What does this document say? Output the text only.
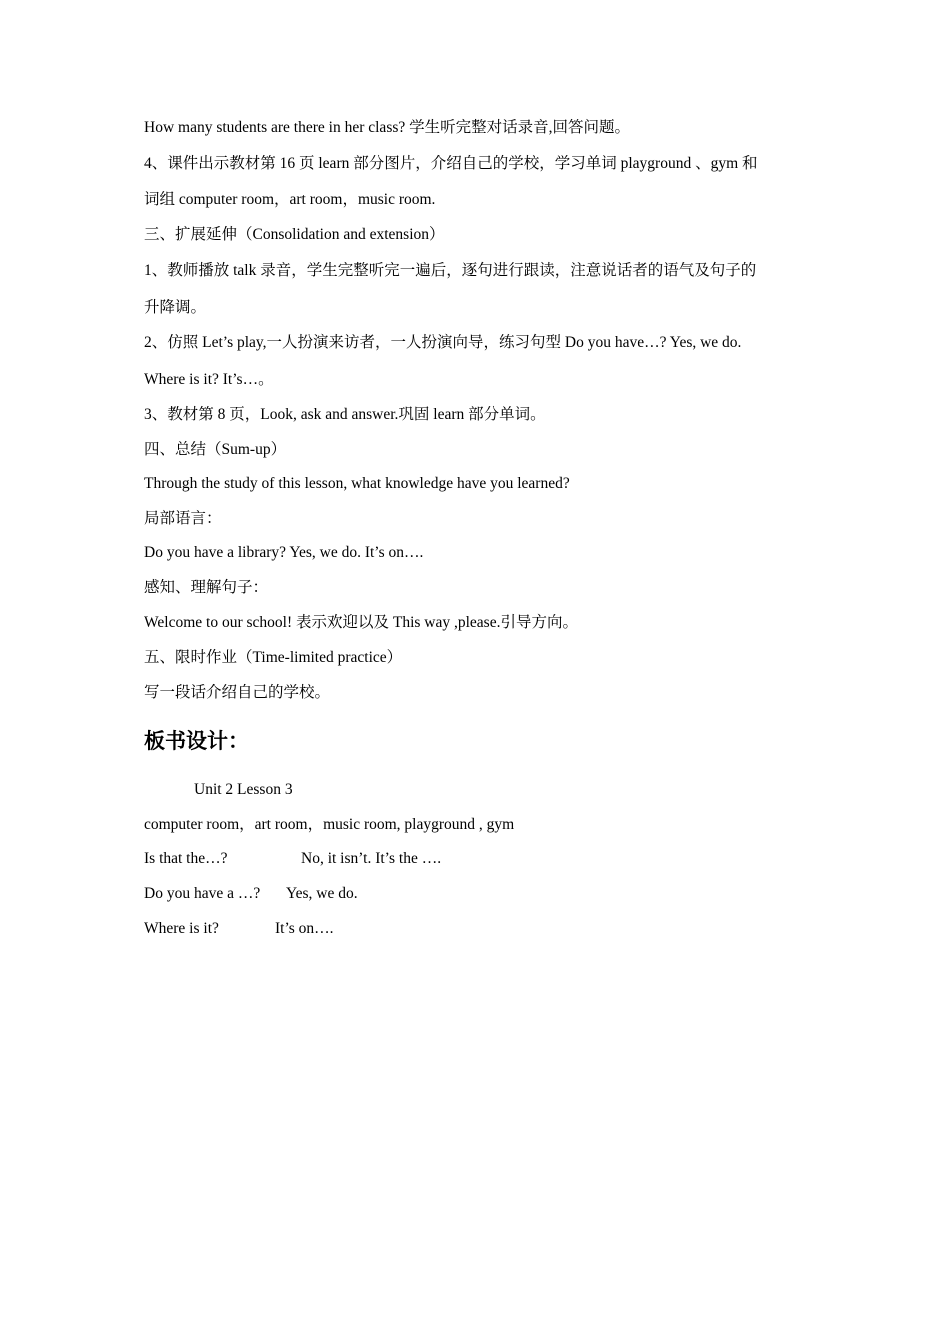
How many students are there in her class? 学生听完整对话录音,回答问题。
4、课件出示教材第 16 页 learn 部分图片，介绍自己的学校，学习单词 playground 、gym 和
词组 computer room，art room，music room.
三、扩展延伸（Consolidation and extension）
1、教师播放 talk 录音，学生完整听完一遍后，逐句进行跟读，注意说话者的语气及句子的
升降调。
2、仿照 Let’s play,一人扮演来访者，一人扮演向导，练习句型 Do you have…? Yes, we do.
Where is it? It’s…。
3、教材第 8 页，Look, ask and answer.巩固 learn 部分单词。
四、总结（Sum-up）
Through the study of this lesson, what knowledge have you learned?
局部语言：
Do you have a library? Yes, we do. It’s on….
感知、理解句子：
Welcome to our school! 表示欢迎以及 This way ,please.引导方向。
五、限时作业（Time-limited practice）
写一段话介绍自己的学校。
板书设计：
Unit 2 Lesson 3
computer room，art room，music room, playground , gym
Is that the…?	No, it isn’t. It’s the ….
Do you have a …? Yes, we do.
Where is it?	It’s on….
